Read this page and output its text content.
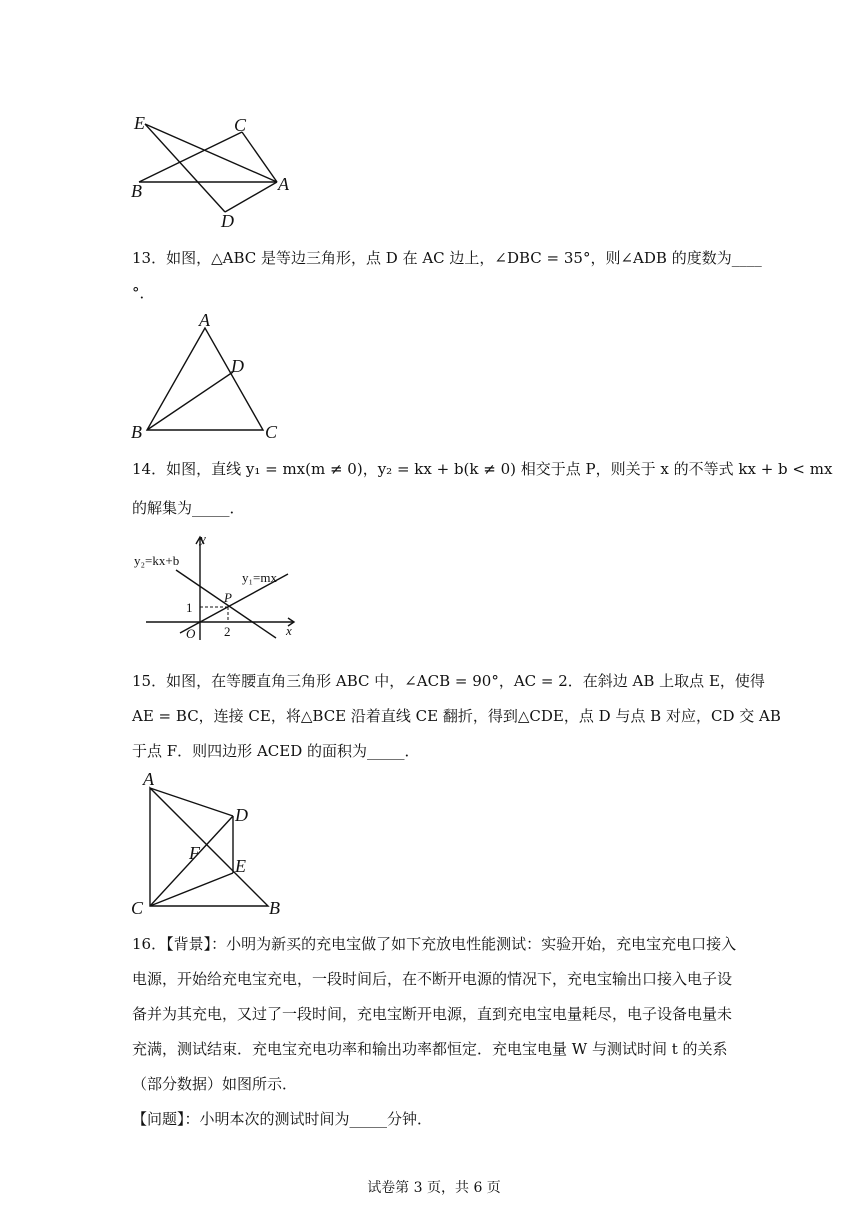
E	C
B	A
D
13．如图，△ABC 是等边三角形，点 D 在 AC 边上，∠DBC = 35°，则∠ADB 的度数为____
°．
A
D
B	C
14．如图，直线 y₁ = mx(m ≠ 0)，y₂ = kx + b(k ≠ 0) 相交于点 P，则关于 x 的不等式 kx + b < mx
的解集为_____．
y₂=kx+b
y₁=mx
y
x
O
P
1
2
15．如图，在等腰直角三角形 ABC 中，∠ACB = 90°，AC = 2．在斜边 AB 上取点 E，使得
AE = BC，连接 CE，将△BCE 沿着直线 CE 翻折，得到△CDE，点 D 与点 B 对应，CD 交 AB
于点 F．则四边形 ACED 的面积为_____．
A
D
F
E
C	B
16．【背景】：小明为新买的充电宝做了如下充放电性能测试：实验开始，充电宝充电口接入
电源，开始给充电宝充电，一段时间后，在不断开电源的情况下，充电宝输出口接入电子设
备并为其充电，又过了一段时间，充电宝断开电源，直到充电宝电量耗尽，电子设备电量未
充满，测试结束．充电宝充电功率和输出功率都恒定．充电宝电量 W 与测试时间 t 的关系
（部分数据）如图所示．
【问题】：小明本次的测试时间为_____分钟．
试卷第 3 页，共 6 页
